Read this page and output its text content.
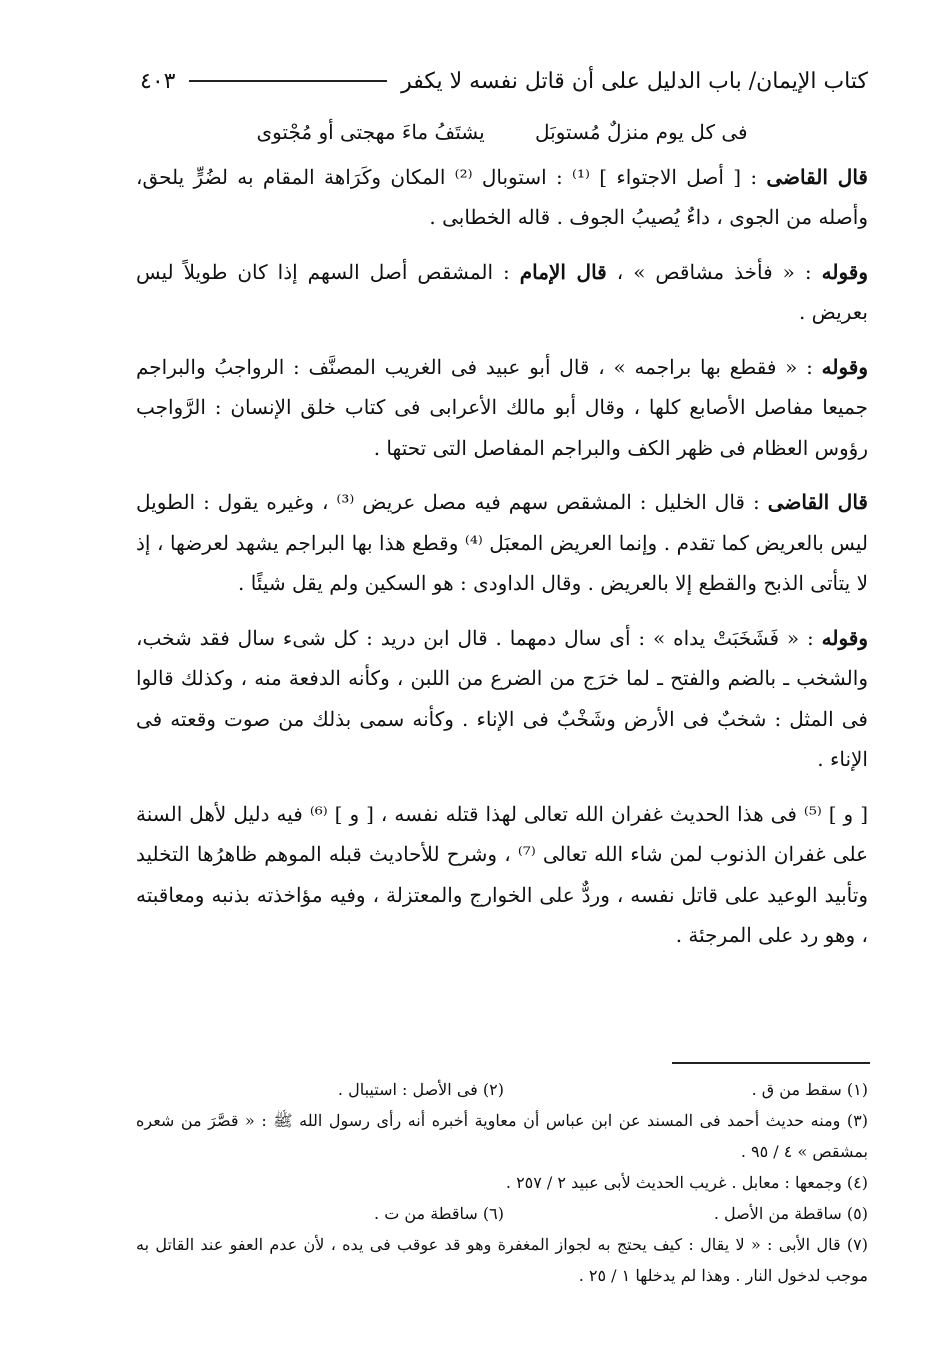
كتاب الإيمان/ باب الدليل على أن قاتل نفسه لا يكفر
٤٠٣

فى كل يوم منزلٌ مُستوبَل يشتَفُ ماءَ مهجتى أو مُجْتوى

قال القاضى : [ أصل الاجتواء ] ⁽¹⁾ : استوبال ⁽²⁾ المكان وكَرَاهة المقام به لضُرٍّ يلحق، وأصله من الجوى ، داءٌ يُصيبُ الجوف . قاله الخطابى .

وقوله : « فأخذ مشاقص » ، قال الإمام : المشقص أصل السهم إذا كان طويلاً ليس بعريض .

وقوله : « فقطع بها براجمه » ، قال أبو عبيد فى الغريب المصنَّف : الرواجبُ والبراجم جميعا مفاصل الأصابع كلها ، وقال أبو مالك الأعرابى فى كتاب خلق الإنسان : الرَّواجب رؤوس العظام فى ظهر الكف والبراجم المفاصل التى تحتها .

قال القاضى : قال الخليل : المشقص سهم فيه مصل عريض ⁽³⁾ ، وغيره يقول : الطويل ليس بالعريض كما تقدم . وإنما العريض المعبَل ⁽⁴⁾ وقطع هذا بها البراجم يشهد لعرضها ، إذ لا يتأتى الذبح والقطع إلا بالعريض . وقال الداودى : هو السكين ولم يقل شيئًا .

وقوله : « فَشَخَبَتْ يداه » : أى سال دمهما . قال ابن دريد : كل شىء سال فقد شخب، والشخب ـ بالضم والفتح ـ لما خرَج من الضرع من اللبن ، وكأنه الدفعة منه ، وكذلك قالوا فى المثل : شخبٌ فى الأرض وشَخْبٌ فى الإناء . وكأنه سمى بذلك من صوت وقعته فى الإناء .

[ و ] ⁽⁵⁾ فى هذا الحديث غفران الله تعالى لهذا قتله نفسه ، [ و ] ⁽⁶⁾ فيه دليل لأهل السنة على غفران الذنوب لمن شاء الله تعالى ⁽⁷⁾ ، وشرح للأحاديث قبله الموهم ظاهرُها التخليد وتأبيد الوعيد على قاتل نفسه ، وردٌّ على الخوارج والمعتزلة ، وفيه مؤاخذته بذنبه ومعاقبته ، وهو رد على المرجئة .

(١) سقط من ق .
(٢) فى الأصل : استيبال .

(٣) ومنه حديث أحمد فى المسند عن ابن عباس أن معاوية أخبره أنه رأى رسول الله ﷺ : « قصَّرَ من شعره بمشقص » ٤ / ٩٥ .

(٤) وجمعها : معابل . غريب الحديث لأبى عبيد ٢ / ٢٥٧ .

(٥) ساقطة من الأصل .
(٦) ساقطة من ت .

(٧) قال الأبى : « لا يقال : كيف يحتج به لجواز المغفرة وهو قد عوقب فى يده ، لأن عدم العفو عند القاتل به موجب لدخول النار . وهذا لم يدخلها ١ / ٢٥ .
